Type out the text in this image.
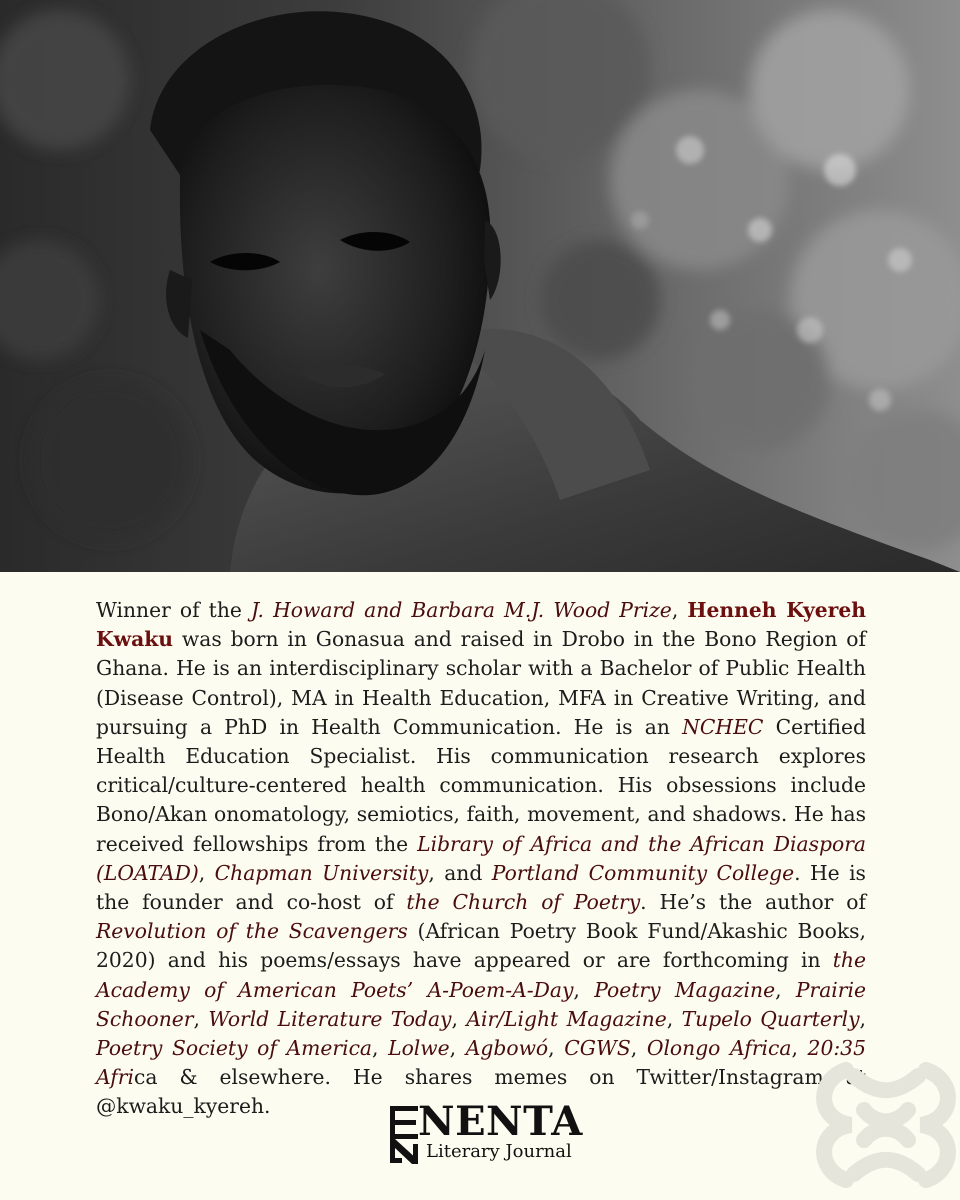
Winner of the J. Howard and Barbara M.J. Wood Prize, Henneh Kyereh Kwaku was born in Gonasua and raised in Drobo in the Bono Region of Ghana. He is an interdisciplinary scholar with a Bachelor of Public Health (Disease Control), MA in Health Education, MFA in Creative Writing, and pursuing a PhD in Health Communication. He is an NCHEC Certified Health Education Specialist. His communication research explores critical/culture-centered health communication. His obsessions include Bono/Akan onomatology, semiotics, faith, movement, and shadows. He has received fellowships from the Library of Africa and the African Diaspora (LOATAD), Chapman University, and Portland Community College. He is the founder and co-host of the Church of Poetry. He’s the author of Revolution of the Scavengers (African Poetry Book Fund/Akashic Books, 2020) and his poems/essays have appeared or are forthcoming in the Academy of American Poets’ A-Poem-A-Day, Poetry Magazine, Prairie Schooner, World Literature Today, Air/Light Magazine, Tupelo Quarterly, Poetry Society of America, Lolwe, Agbowó, CGWS, Olongo Africa, 20:35 Africa & elsewhere. He shares memes on Twitter/Instagram at @kwaku_kyereh.	NENTA
Literary Journal
